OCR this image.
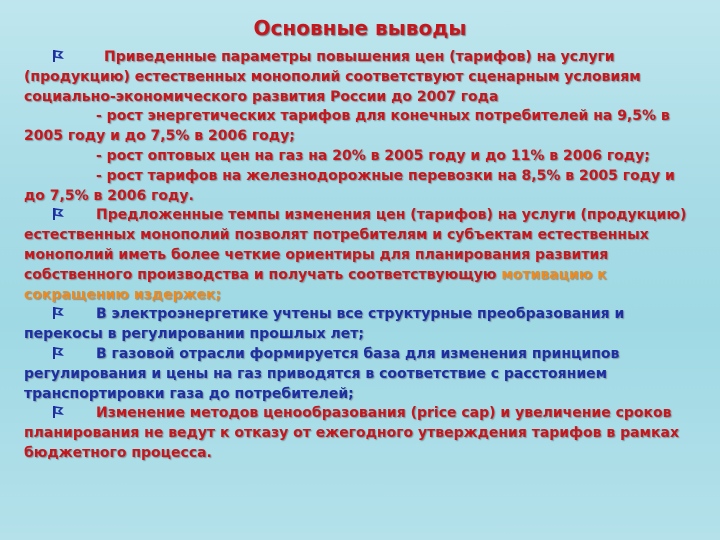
Основные выводы

Приведенные параметры повышения цен (тарифов) на услуги (продукцию) естественных монополий соответствуют сценарным условиям социально-экономического развития России до 2007 года

- рост энергетических тарифов для конечных потребителей на 9,5% в 2005 году и до 7,5% в 2006 году;

- рост оптовых цен на газ на 20% в 2005 году и до 11% в 2006 году;

- рост тарифов на железнодорожные перевозки на 8,5% в 2005 году и до 7,5% в 2006 году.

Предложенные темпы изменения цен (тарифов) на услуги (продукцию) естественных монополий позволят потребителям и субъектам естественных монополий иметь более четкие ориентиры для планирования развития собственного производства и получать соответствующую мотивацию к сокращению издержек;

В электроэнергетике учтены все структурные преобразования и перекосы в регулировании прошлых лет;

В газовой отрасли формируется база для изменения принципов регулирования и цены на газ приводятся в соответствие с расстоянием транспортировки газа до потребителей;

Изменение методов ценообразования (price cap) и увеличение сроков планирования не ведут к отказу от ежегодного утверждения тарифов в рамках бюджетного процесса.
